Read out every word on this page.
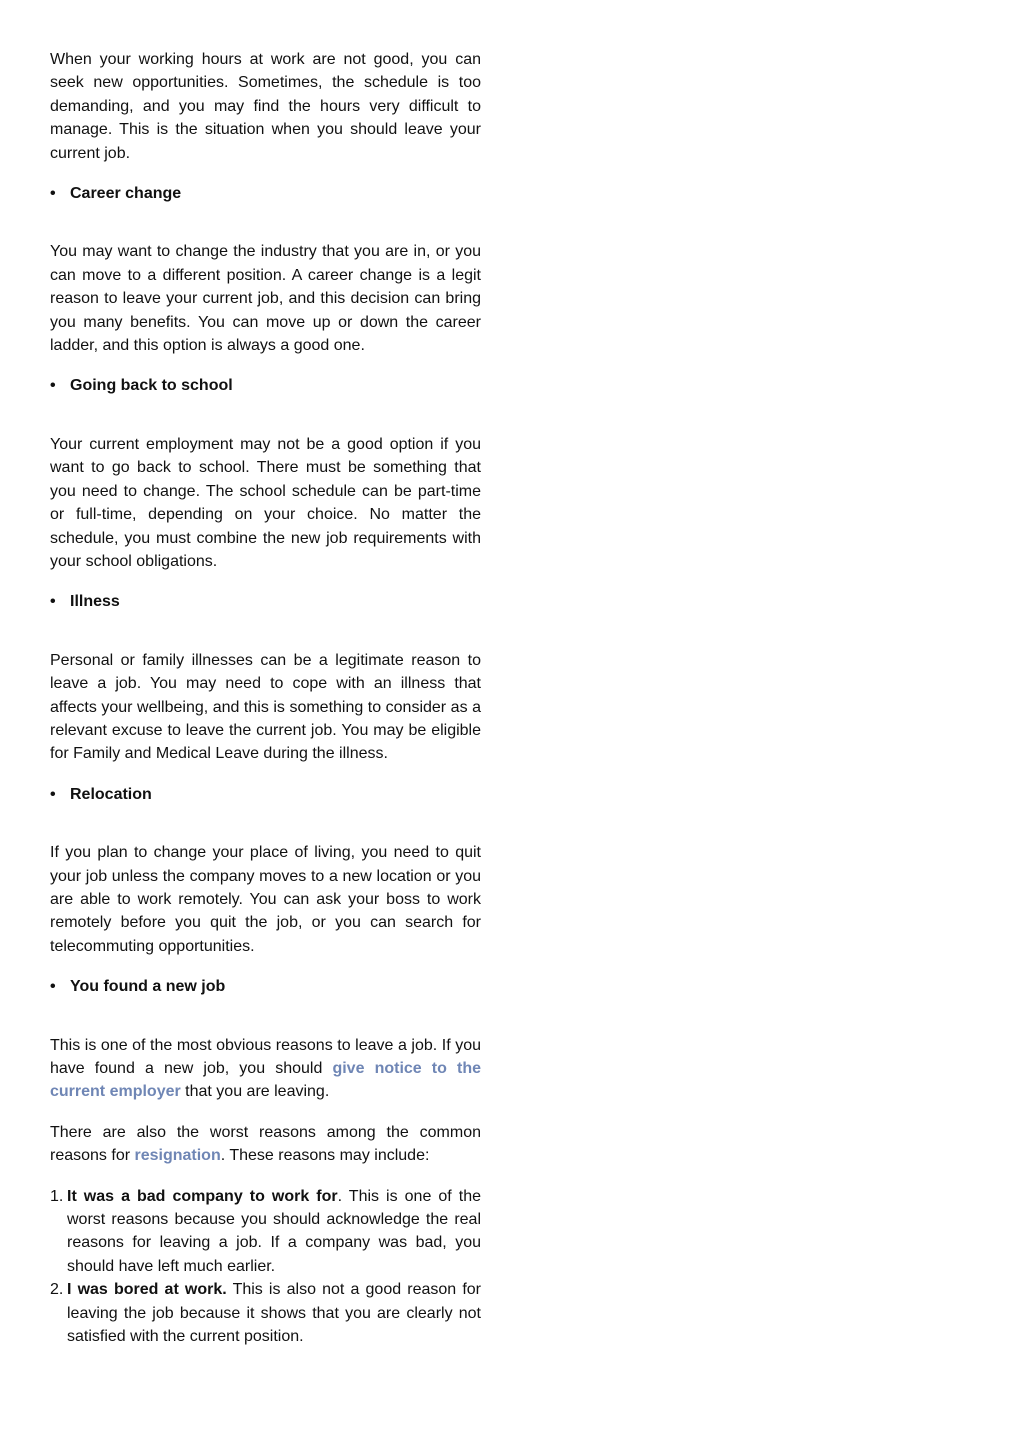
When your working hours at work are not good, you can seek new opportunities. Sometimes, the schedule is too demanding, and you may find the hours very difficult to manage. This is the situation when you should leave your current job.

• Career change

You may want to change the industry that you are in, or you can move to a different position. A career change is a legit reason to leave your current job, and this decision can bring you many benefits. You can move up or down the career ladder, and this option is always a good one.

• Going back to school

Your current employment may not be a good option if you want to go back to school. There must be something that you need to change. The school schedule can be part-time or full-time, depending on your choice. No matter the schedule, you must combine the new job requirements with your school obligations.

• Illness

Personal or family illnesses can be a legitimate reason to leave a job. You may need to cope with an illness that affects your wellbeing, and this is something to consider as a relevant excuse to leave the current job. You may be eligible for Family and Medical Leave during the illness.

• Relocation

If you plan to change your place of living, you need to quit your job unless the company moves to a new location or you are able to work remotely. You can ask your boss to work remotely before you quit the job, or you can search for telecommuting opportunities.

• You found a new job

This is one of the most obvious reasons to leave a job. If you have found a new job, you should give notice to the current employer that you are leaving.

There are also the worst reasons among the common reasons for resignation. These reasons may include:

1. It was a bad company to work for. This is one of the worst reasons because you should acknowledge the real reasons for leaving a job. If a company was bad, you should have left much earlier.
2. I was bored at work. This is also not a good reason for leaving the job because it shows that you are clearly not satisfied with the current position.
